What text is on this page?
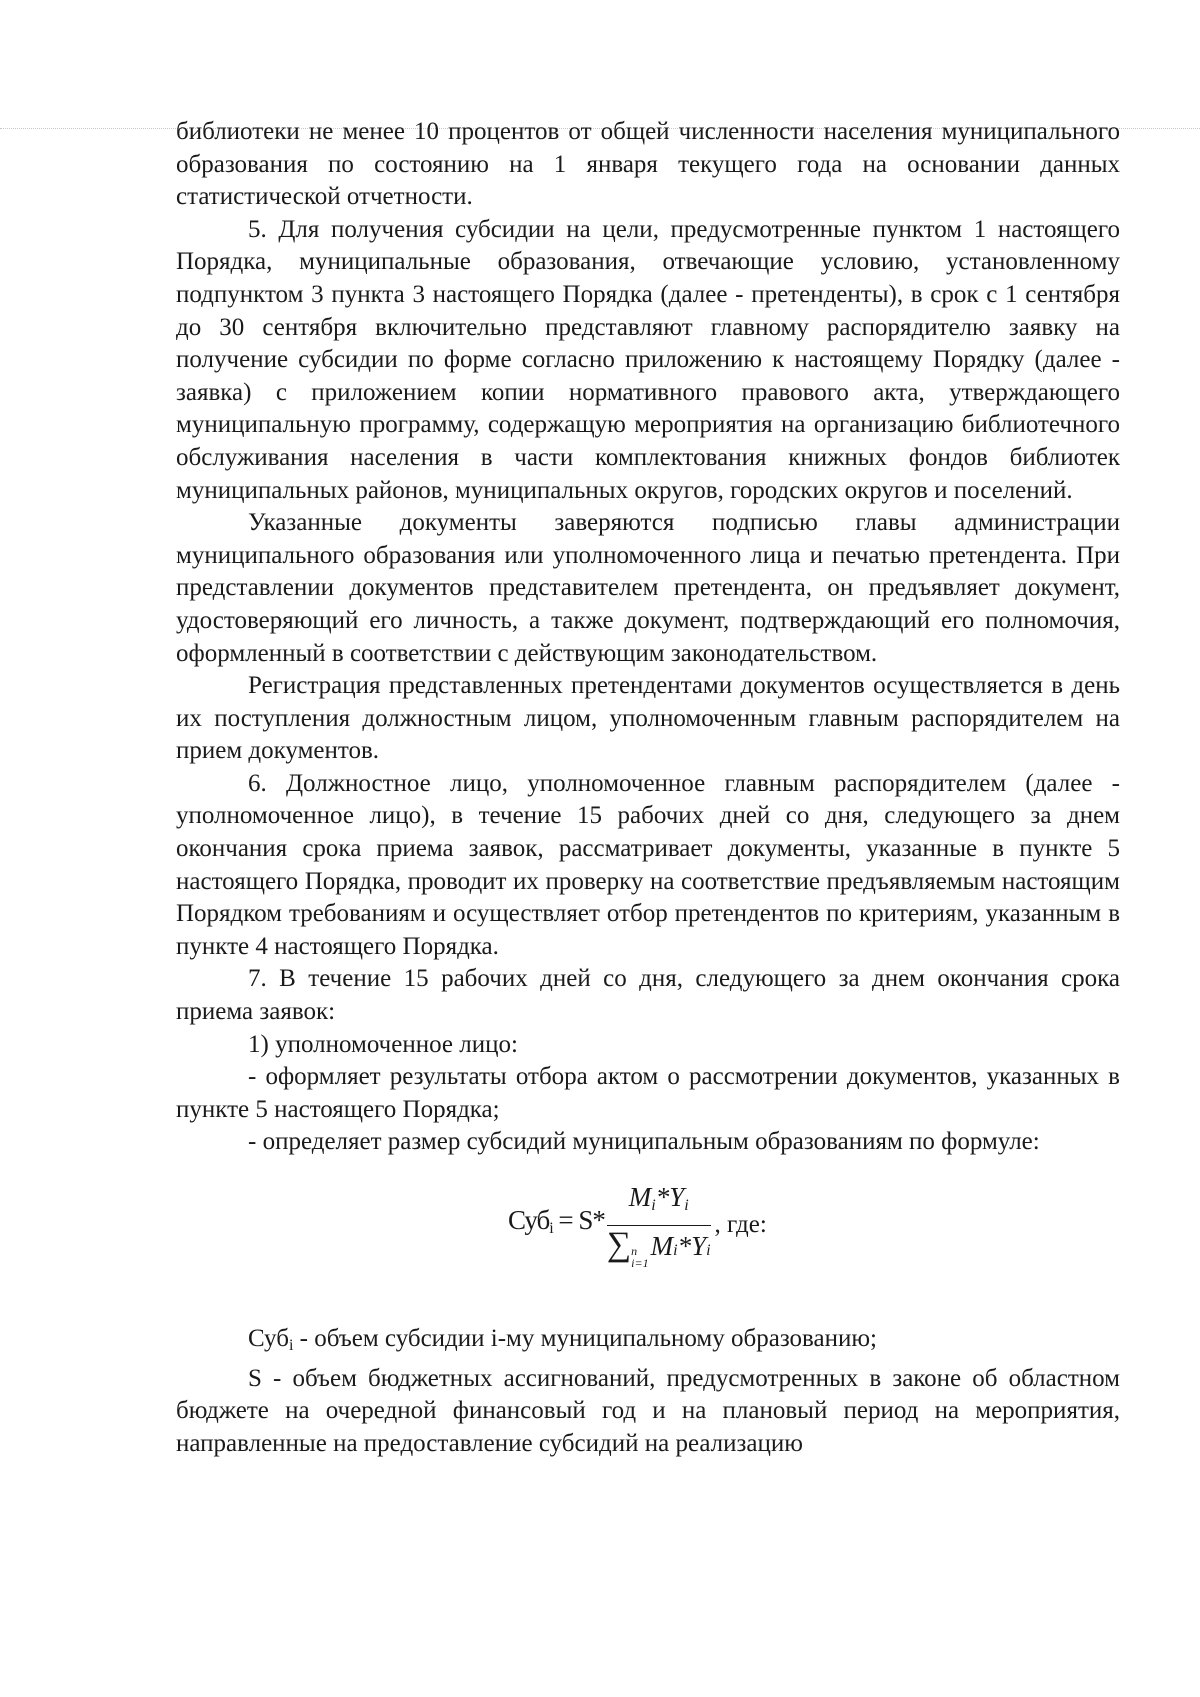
библиотеки не менее 10 процентов от общей численности населения муниципального образования по состоянию на 1 января текущего года на основании данных статистической отчетности.

5. Для получения субсидии на цели, предусмотренные пунктом 1 настоящего Порядка, муниципальные образования, отвечающие условию, установленному подпунктом 3 пункта 3 настоящего Порядка (далее - претенденты), в срок с 1 сентября до 30 сентября включительно представляют главному распорядителю заявку на получение субсидии по форме согласно приложению к настоящему Порядку (далее - заявка) с приложением копии нормативного правового акта, утверждающего муниципальную программу, содержащую мероприятия на организацию библиотечного обслуживания населения в части комплектования книжных фондов библиотек муниципальных районов, муниципальных округов, городских округов и поселений.

Указанные документы заверяются подписью главы администрации муниципального образования или уполномоченного лица и печатью претендента. При представлении документов представителем претендента, он предъявляет документ, удостоверяющий его личность, а также документ, подтверждающий его полномочия, оформленный в соответствии с действующим законодательством.

Регистрация представленных претендентами документов осуществляется в день их поступления должностным лицом, уполномоченным главным распорядителем на прием документов.

6. Должностное лицо, уполномоченное главным распорядителем (далее - уполномоченное лицо), в течение 15 рабочих дней со дня, следующего за днем окончания срока приема заявок, рассматривает документы, указанные в пункте 5 настоящего Порядка, проводит их проверку на соответствие предъявляемым настоящим Порядком требованиям и осуществляет отбор претендентов по критериям, указанным в пункте 4 настоящего Порядка.

7. В течение 15 рабочих дней со дня, следующего за днем окончания срока приема заявок:

1) уполномоченное лицо:

- оформляет результаты отбора актом о рассмотрении документов, указанных в пункте 5 настоящего Порядка;

- определяет размер субсидий муниципальным образованиям по формуле:

Суб$_i$ = S* $M_i*Y_i$
∑ n
i=1
M i *Y i , где:

Суб$_i$ - объем субсидии i-му муниципальному образованию;

S - объем бюджетных ассигнований, предусмотренных в законе об областном бюджете на очередной финансовый год и на плановый период на мероприятия, направленные на предоставление субсидий на реализацию
